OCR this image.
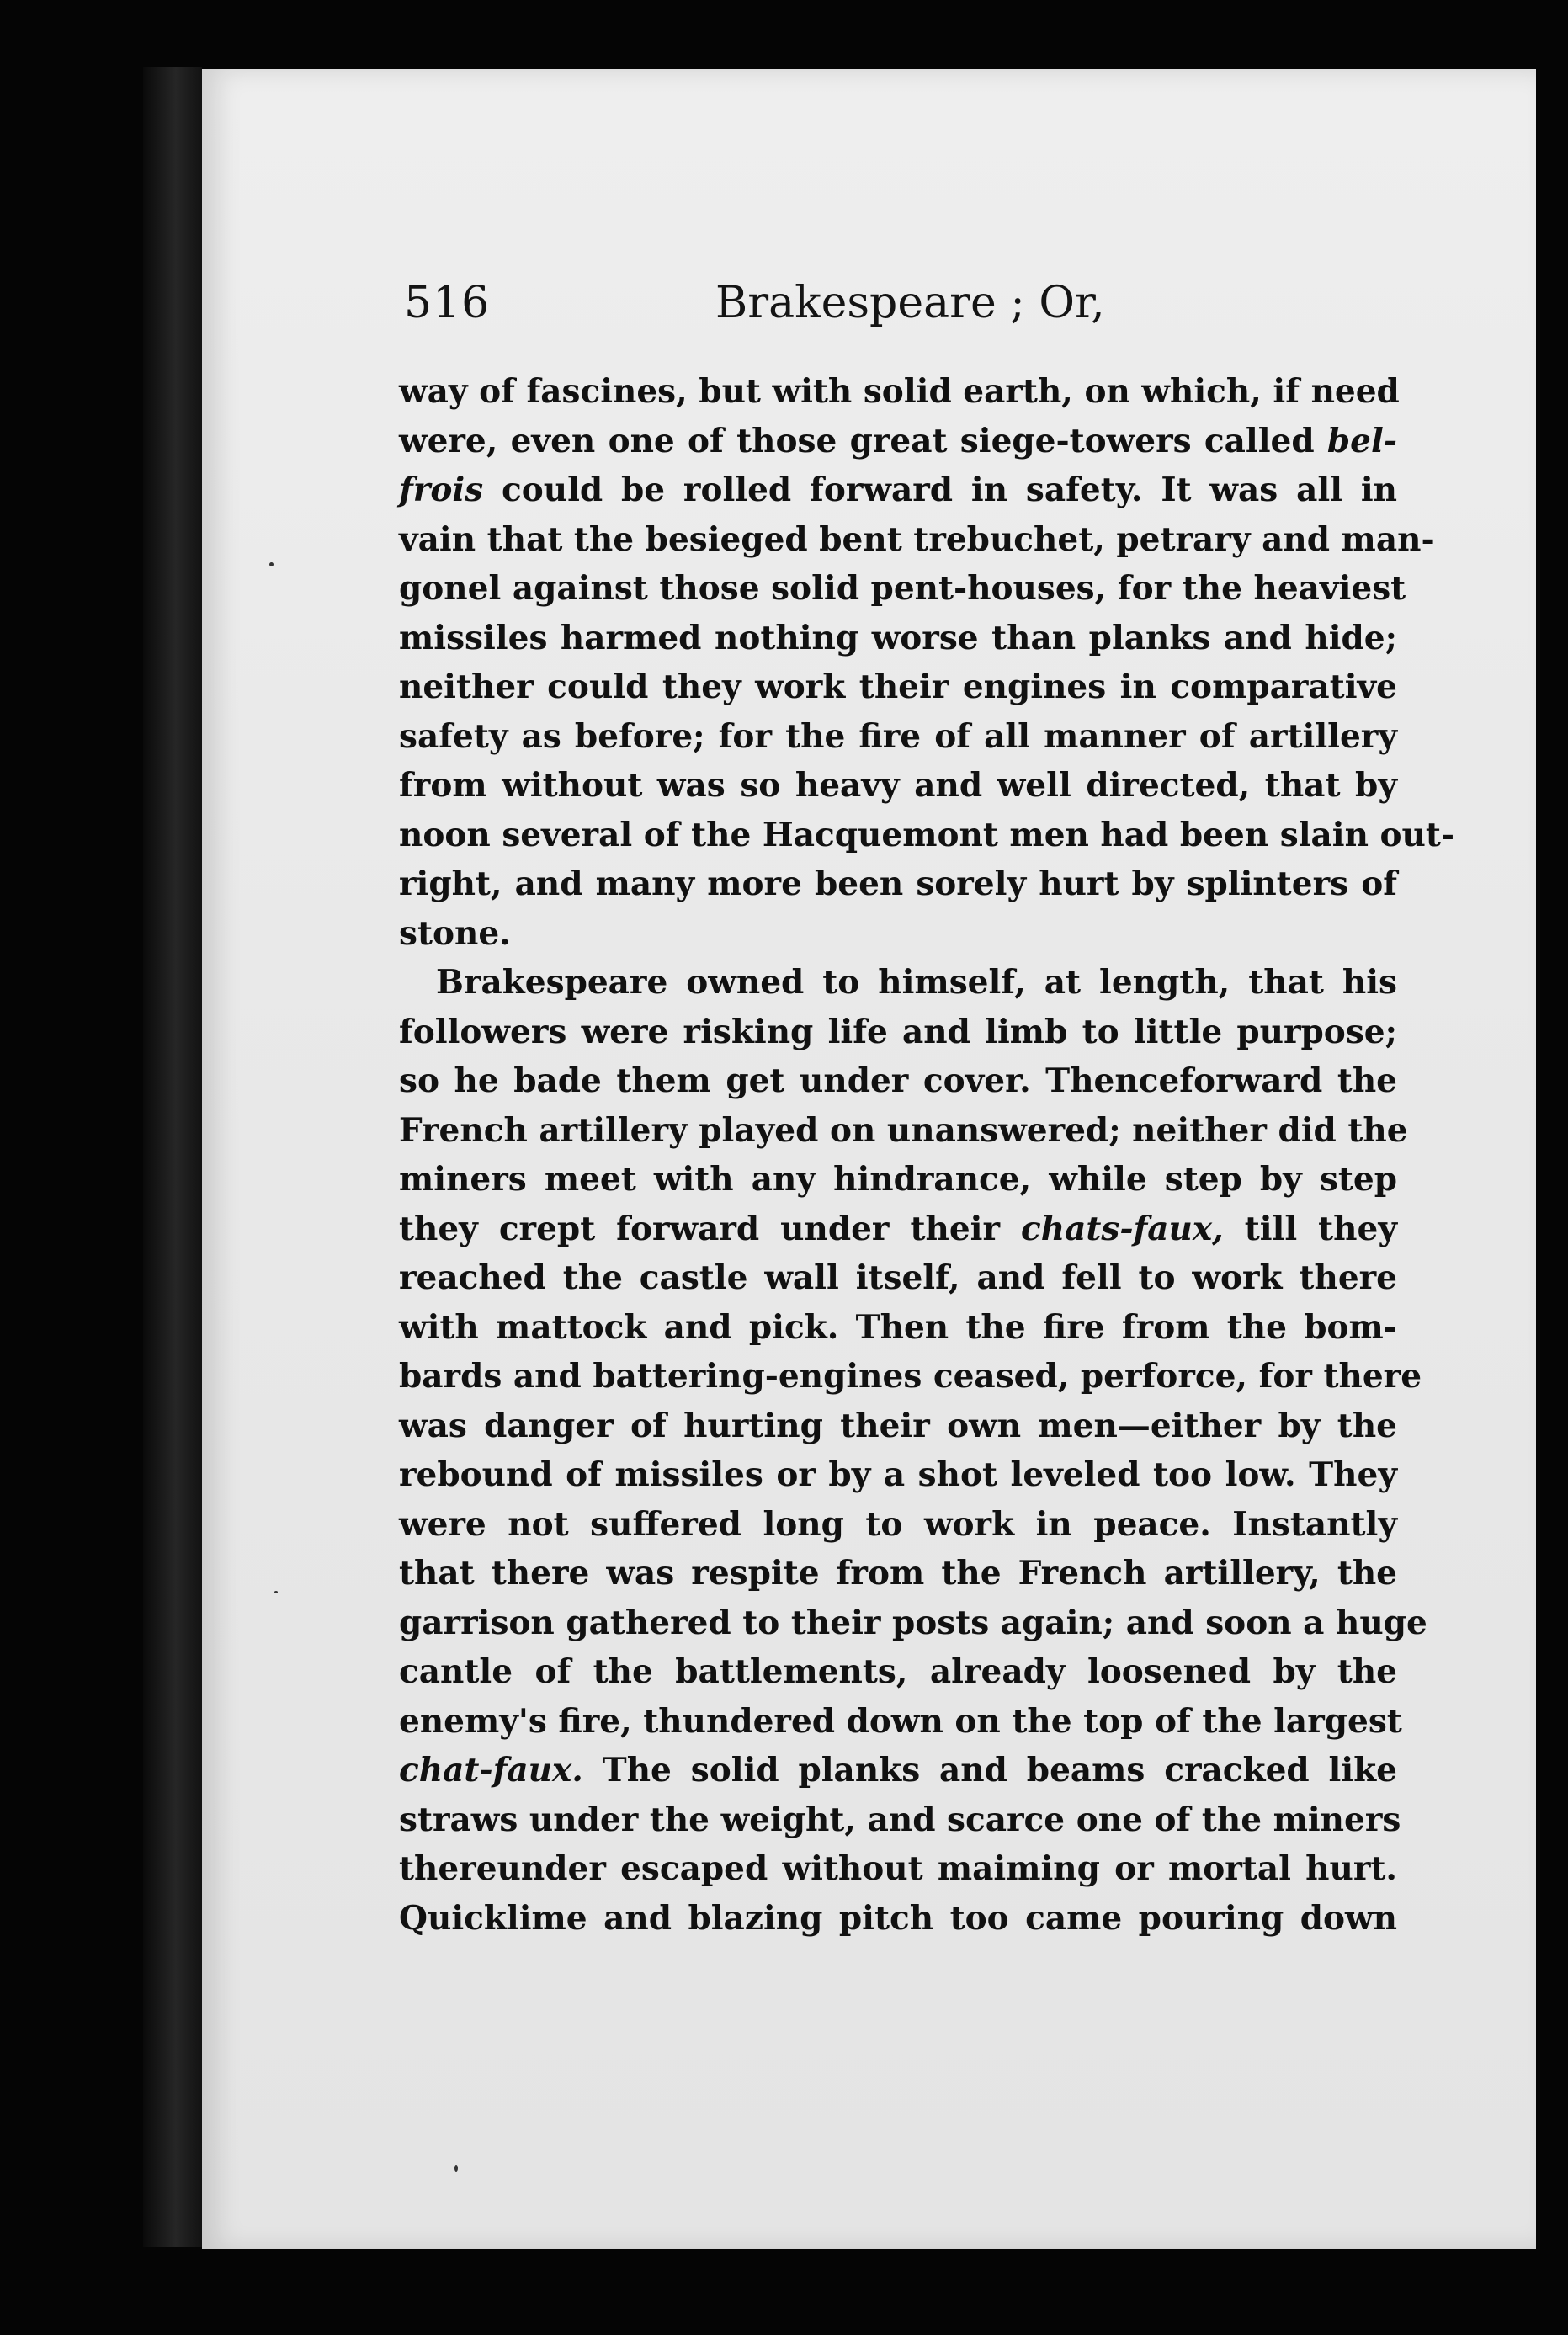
516	Brakespeare ; Or,
way of fascines, but with solid earth, on which, if need
were, even one of those great siege-towers called bel-
frois could be rolled forward in safety. It was all in
vain that the besieged bent trebuchet, petrary and man-
gonel against those solid pent-houses, for the heaviest
missiles harmed nothing worse than planks and hide;
neither could they work their engines in comparative
safety as before; for the fire of all manner of artillery
from without was so heavy and well directed, that by
noon several of the Hacquemont men had been slain out-
right, and many more been sorely hurt by splinters of
stone.
Brakespeare owned to himself, at length, that his
followers were risking life and limb to little purpose;
so he bade them get under cover. Thenceforward the
French artillery played on unanswered; neither did the
miners meet with any hindrance, while step by step
they crept forward under their chats-faux, till they
reached the castle wall itself, and fell to work there
with mattock and pick. Then the fire from the bom-
bards and battering-engines ceased, perforce, for there
was danger of hurting their own men—either by the
rebound of missiles or by a shot leveled too low. They
were not suffered long to work in peace. Instantly
that there was respite from the French artillery, the
garrison gathered to their posts again; and soon a huge
cantle of the battlements, already loosened by the
enemy's fire, thundered down on the top of the largest
chat-faux. The solid planks and beams cracked like
straws under the weight, and scarce one of the miners
thereunder escaped without maiming or mortal hurt.
Quicklime and blazing pitch too came pouring down
